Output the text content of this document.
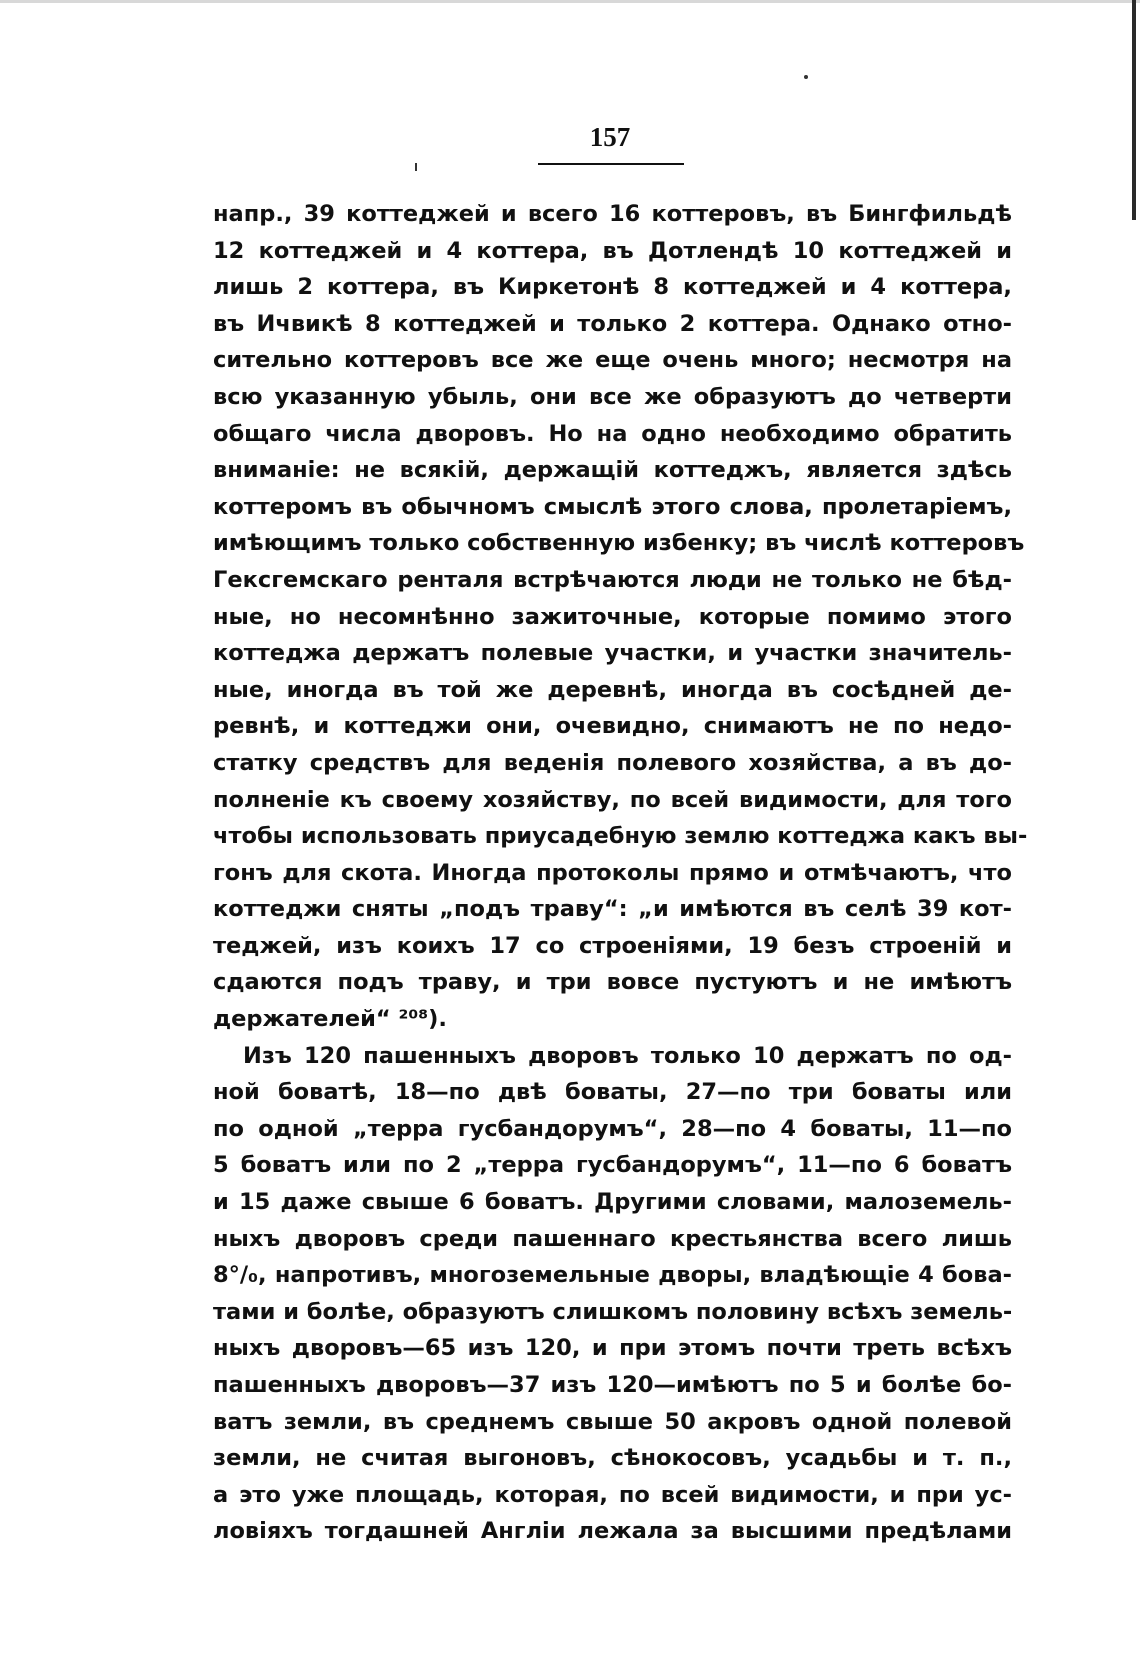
157
напр., 39 коттеджей и всего 16 коттеровъ, въ Бингфильдѣ
12 коттеджей и 4 коттера, въ Дотлендѣ 10 коттеджей и
лишь 2 коттера, въ Киркетонѣ 8 коттеджей и 4 коттера,
въ Ичвикѣ 8 коттеджей и только 2 коттера. Однако отно-
сительно коттеровъ все же еще очень много; несмотря на
всю указанную убыль, они все же образуютъ до четверти
общаго числа дворовъ. Но на одно необходимо обратить
вниманіе: не всякій, держащій коттеджъ, является здѣсь
коттеромъ въ обычномъ смыслѣ этого слова, пролетаріемъ,
имѣющимъ только собственную избенку; въ числѣ коттеровъ
Гексгемскаго ренталя встрѣчаются люди не только не бѣд-
ные, но несомнѣнно зажиточные, которые помимо этого
коттеджа держатъ полевые участки, и участки значитель-
ные, иногда въ той же деревнѣ, иногда въ сосѣдней де-
ревнѣ, и коттеджи они, очевидно, снимаютъ не по недо-
статку средствъ для веденія полевого хозяйства, а въ до-
полненіе къ своему хозяйству, по всей видимости, для того
чтобы использовать приусадебную землю коттеджа какъ вы-
гонъ для скота. Иногда протоколы прямо и отмѣчаютъ, что
коттеджи сняты „подъ траву“: „и имѣются въ селѣ 39 кот-
теджей, изъ коихъ 17 со строеніями, 19 безъ строеній и
сдаются подъ траву, и три вовсе пустуютъ и не имѣютъ
держателей“ ²⁰⁸).
Изъ 120 пашенныхъ дворовъ только 10 держатъ по од-
ной боватѣ, 18—по двѣ боваты, 27—по три боваты или
по одной „терра гусбандорумъ“, 28—по 4 боваты, 11—по
5 боватъ или по 2 „терра гусбандорумъ“, 11—по 6 боватъ
и 15 даже свыше 6 боватъ. Другими словами, малоземель-
ныхъ дворовъ среди пашеннаго крестьянства всего лишь
8°/₀, напротивъ, многоземельные дворы, владѣющіе 4 бова-
тами и болѣе, образуютъ слишкомъ половину всѣхъ земель-
ныхъ дворовъ—65 изъ 120, и при этомъ почти треть всѣхъ
пашенныхъ дворовъ—37 изъ 120—имѣютъ по 5 и болѣе бо-
ватъ земли, въ среднемъ свыше 50 акровъ одной полевой
земли, не считая выгоновъ, сѣнокосовъ, усадьбы и т. п.,
а это уже площадь, которая, по всей видимости, и при ус-
ловіяхъ тогдашней Англіи лежала за высшими предѣлами
